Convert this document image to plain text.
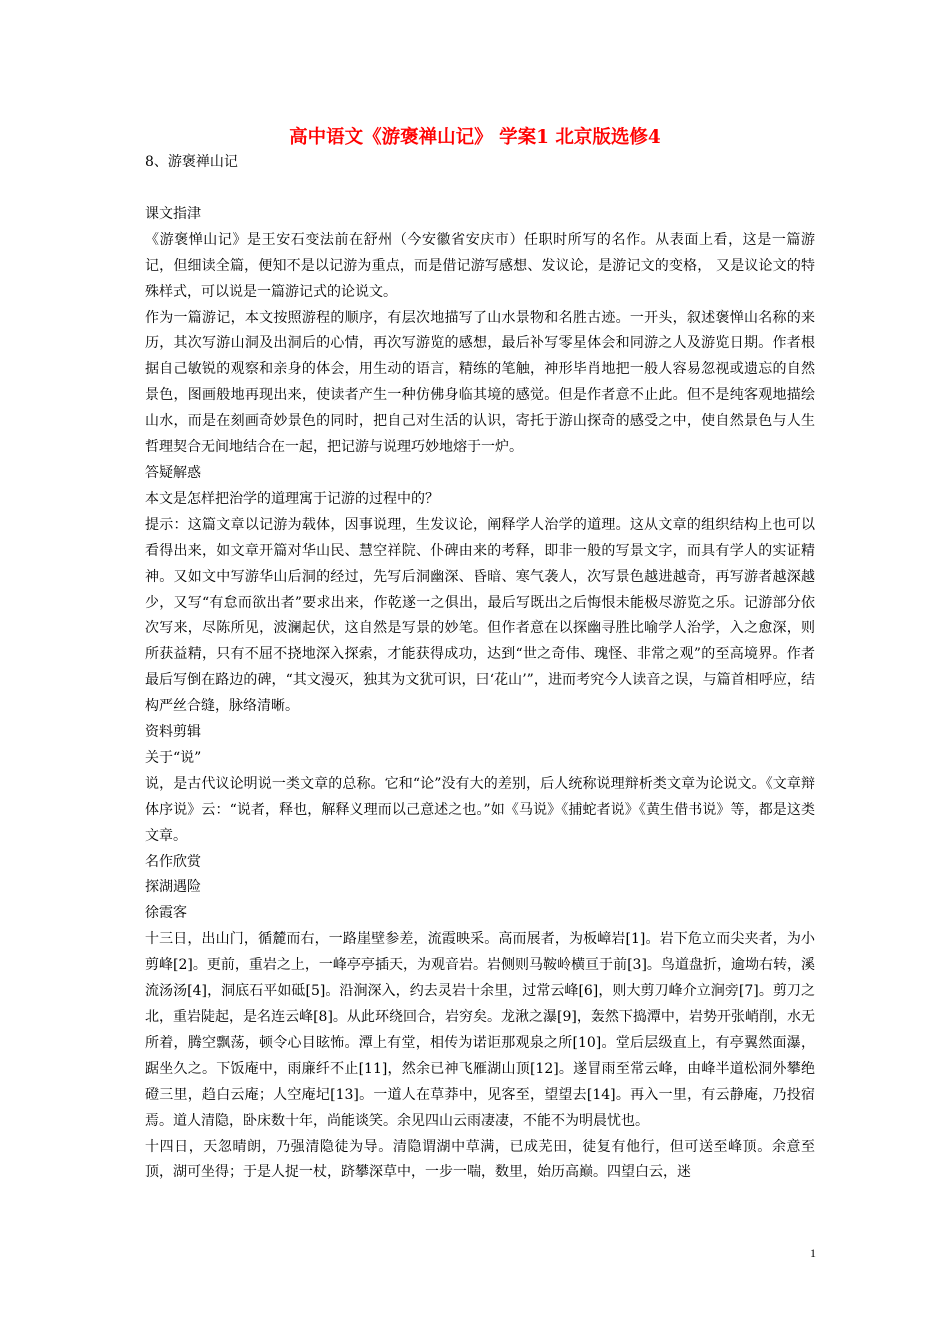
高中语文《游褒禅山记》 学案1 北京版选修4

8、游褒禅山记

课文指津

《游褒惮山记》是王安石变法前在舒州（今安徽省安庆市）任职时所写的名作。从表面上看，这是一篇游记，但细读全篇，便知不是以记游为重点，而是借记游写感想、发议论，是游记文的变格， 又是议论文的特殊样式，可以说是一篇游记式的论说文。

作为一篇游记，本文按照游程的顺序，有层次地描写了山水景物和名胜古迹。一开头，叙述褒惮山名称的来历，其次写游山洞及出洞后的心情，再次写游览的感想，最后补写零星体会和同游之人及游览日期。作者根据自己敏锐的观察和亲身的体会，用生动的语言，精练的笔触，神形毕肖地把一般人容易忽视或遗忘的自然景色，图画般地再现出来，使读者产生一种仿佛身临其境的感觉。但是作者意不止此。但不是纯客观地描绘山水，而是在刻画奇妙景色的同时，把自己对生活的认识，寄托于游山探奇的感受之中，使自然景色与人生哲理契合无间地结合在一起，把记游与说理巧妙地熔于一炉。

答疑解惑

本文是怎样把治学的道理寓于记游的过程中的？

提示：这篇文章以记游为载体，因事说理，生发议论，阐释学人治学的道理。这从文章的组织结构上也可以看得出来，如文章开篇对华山民、慧空祥院、仆碑由来的考释，即非一般的写景文字，而具有学人的实证精神。又如文中写游华山后洞的经过，先写后洞幽深、昏暗、寒气袭人，次写景色越进越奇，再写游者越深越少，又写“有怠而欲出者”要求出来，作乾遂一之俱出，最后写既出之后悔恨未能极尽游览之乐。记游部分依次写来，尽陈所见，波澜起伏，这自然是写景的妙笔。但作者意在以探幽寻胜比喻学人治学，入之愈深，则所获益精，只有不屈不挠地深入探索，才能获得成功，达到“世之奇伟、瑰怪、非常之观”的至高境界。作者最后写倒在路边的碑，“其文漫灭，独其为文犹可识，曰‘花山’”，进而考究今人读音之误，与篇首相呼应，结构严丝合缝，脉络清晰。

资料剪辑

关于“说”

说，是古代议论明说一类文章的总称。它和“论”没有大的差别，后人统称说理辩析类文章为论说文。《文章辩体序说》云：“说者，释也，解释义理而以己意述之也。”如《马说》《捕蛇者说》《黄生借书说》等，都是这类文章。

名作欣赏

探湖遇险

徐霞客

十三日，出山门，循麓而右，一路崖壁参差，流霞映采。高而展者，为板嶂岩[1]。岩下危立而尖夹者，为小剪峰[2]。更前，重岩之上，一峰亭亭插天，为观音岩。岩侧则马鞍岭横亘于前[3]。鸟道盘折，逾坳右转，溪流汤汤[4]，洞底石平如砥[5]。沿涧深入，约去灵岩十余里，过常云峰[6]，则大剪刀峰介立涧旁[7]。剪刀之北，重岩陡起，是名连云峰[8]。从此环绕回合，岩穷矣。龙湫之瀑[9]，轰然下捣潭中，岩势开张峭削，水无所着，腾空飘荡，顿令心目眩怖。潭上有堂，相传为诺讵那观泉之所[10]。堂后层级直上，有亭翼然面瀑，踞坐久之。下饭庵中，雨廉纤不止[11]，然余已神飞雁湖山顶[12]。遂冒雨至常云峰，由峰半道松洞外攀绝磴三里，趋白云庵；人空庵圮[13]。一道人在草莽中，见客至，望望去[14]。再入一里，有云静庵，乃投宿焉。道人清隐，卧床数十年，尚能谈笑。余见四山云雨凄凄，不能不为明晨忧也。

十四日，天忽晴朗，乃强清隐徒为导。清隐谓湖中草满，已成芜田，徒复有他行，但可送至峰顶。余意至顶，湖可坐得；于是人捉一杖，跻攀深草中，一步一喘，数里，始历高巅。四望白云，迷

1
